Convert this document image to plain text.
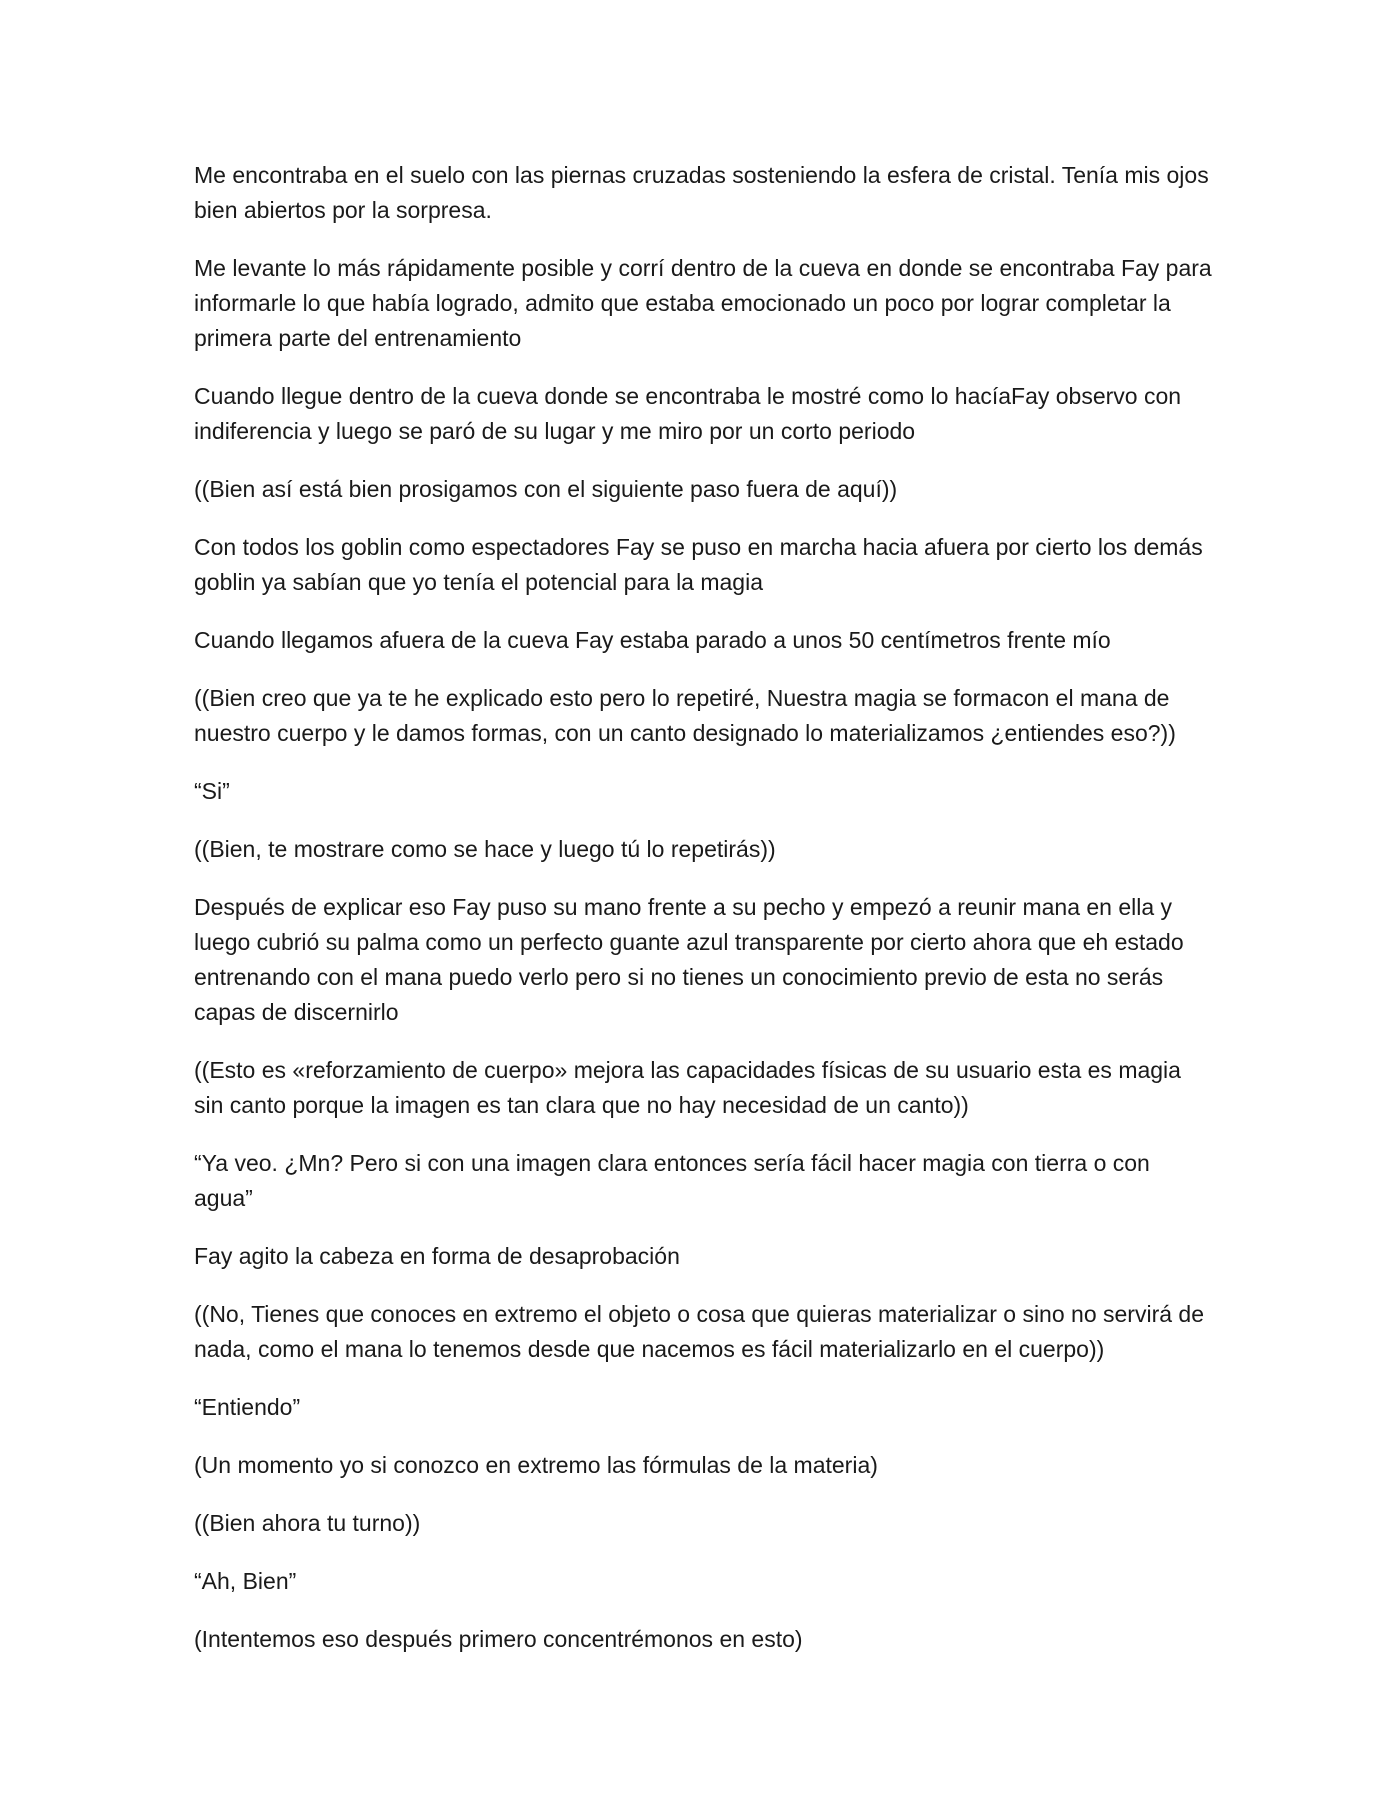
Me encontraba en el suelo con las piernas cruzadas sosteniendo la esfera de cristal. Tenía mis ojos bien abiertos por la sorpresa.

Me levante lo más rápidamente posible y corrí dentro de la cueva en donde se encontraba Fay para informarle lo que había logrado, admito que estaba emocionado un poco por lograr completar la primera parte del entrenamiento

Cuando llegue dentro de la cueva donde se encontraba le mostré como lo hacíaFay observo con indiferencia y luego se paró de su lugar y me miro por un corto periodo

((Bien así está bien prosigamos con el siguiente paso fuera de aquí))

Con todos los goblin como espectadores Fay se puso en marcha hacia afuera por cierto los demás goblin ya sabían que yo tenía el potencial para la magia

Cuando llegamos afuera de la cueva Fay estaba parado a unos 50 centímetros frente mío

((Bien creo que ya te he explicado esto pero lo repetiré, Nuestra magia se formacon el mana de nuestro cuerpo y le damos formas, con un canto designado lo materializamos ¿entiendes eso?))

“Si”

((Bien, te mostrare como se hace y luego tú lo repetirás))

Después de explicar eso Fay puso su mano frente a su pecho y empezó a reunir mana en ella y luego cubrió su palma como un perfecto guante azul transparente por cierto ahora que eh estado entrenando con el mana puedo verlo pero si no tienes un conocimiento previo de esta no serás capas de discernirlo

((Esto es «reforzamiento de cuerpo» mejora las capacidades físicas de su usuario esta es magia sin canto porque la imagen es tan clara que no hay necesidad de un canto))

“Ya veo. ¿Mn? Pero si con una imagen clara entonces sería fácil hacer magia con tierra o con agua”

Fay agito la cabeza en forma de desaprobación

((No, Tienes que conoces en extremo el objeto o cosa que quieras materializar o sino no servirá de nada, como el mana lo tenemos desde que nacemos es fácil materializarlo en el cuerpo))

“Entiendo”

(Un momento yo si conozco en extremo las fórmulas de la materia)

((Bien ahora tu turno))

“Ah, Bien”

(Intentemos eso después primero concentrémonos en esto)
